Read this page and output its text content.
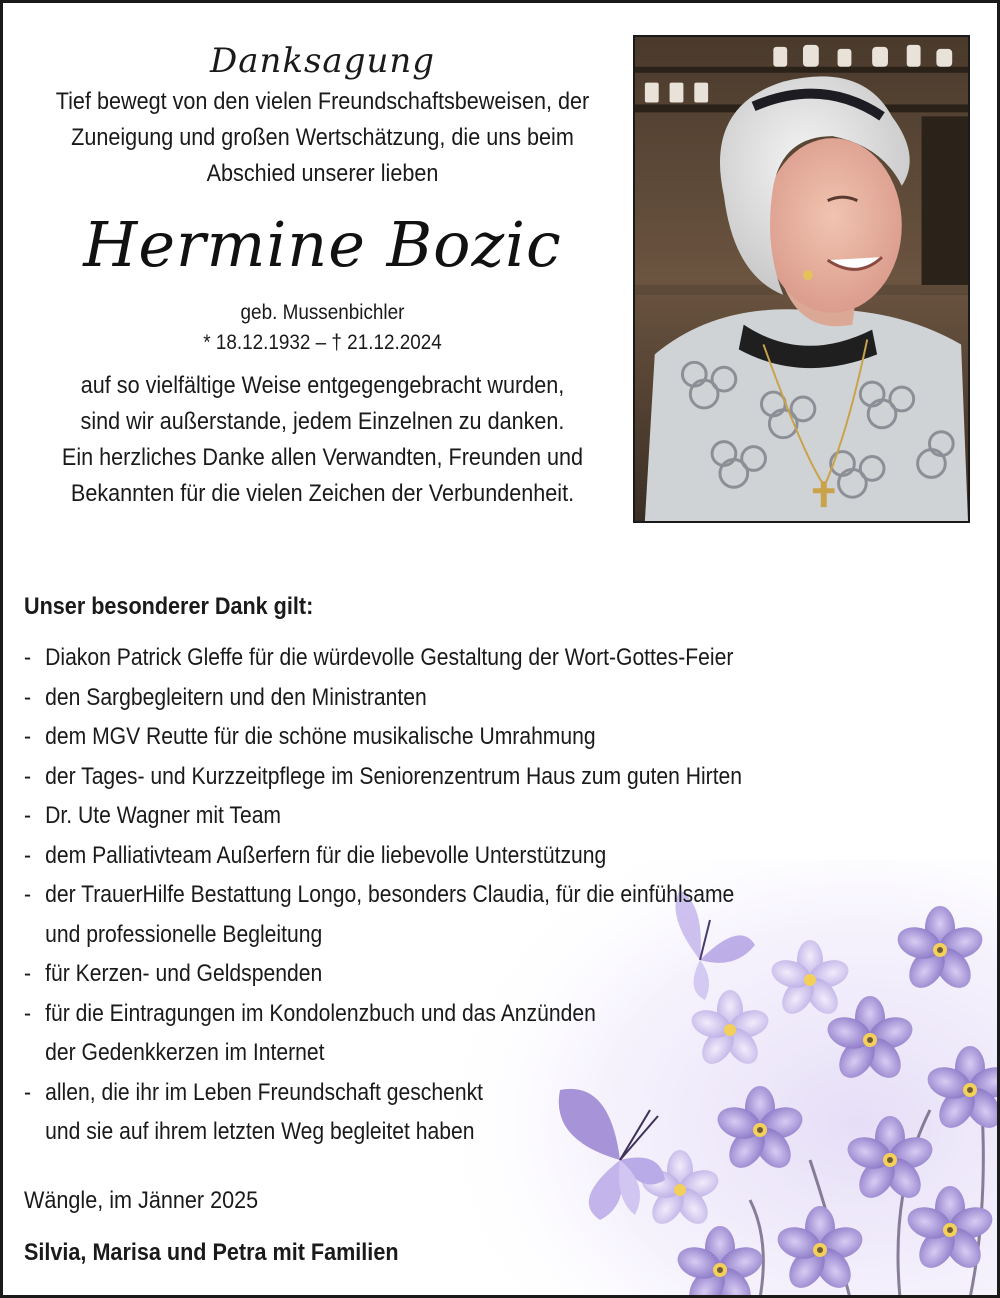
Danksagung
Tief bewegt von den vielen Freundschaftsbeweisen, der
Zuneigung und großen Wertschätzung, die uns beim
Abschied unserer lieben
Hermine Bozic
geb. Mussenbichler
* 18.12.1932 – † 21.12.2024
auf so vielfältige Weise entgegengebracht wurden,
sind wir außerstande, jedem Einzelnen zu danken.
Ein herzliches Danke allen Verwandten, Freunden und
Bekannten für die vielen Zeichen der Verbundenheit.
Unser besonderer Dank gilt:
- Diakon Patrick Gleffe für die würdevolle Gestaltung der Wort-Gottes-Feier
- den Sargbegleitern und den Ministranten
- dem MGV Reutte für die schöne musikalische Umrahmung
- der Tages- und Kurzzeitpflege im Seniorenzentrum Haus zum guten Hirten
- Dr. Ute Wagner mit Team
- dem Palliativteam Außerfern für die liebevolle Unterstützung
- der TrauerHilfe Bestattung Longo, besonders Claudia, für die einfühlsame
und professionelle Begleitung
- für Kerzen- und Geldspenden
- für die Eintragungen im Kondolenzbuch und das Anzünden
der Gedenkkerzen im Internet
- allen, die ihr im Leben Freundschaft geschenkt
und sie auf ihrem letzten Weg begleitet haben
Wängle, im Jänner 2025
Silvia, Marisa und Petra mit Familien
